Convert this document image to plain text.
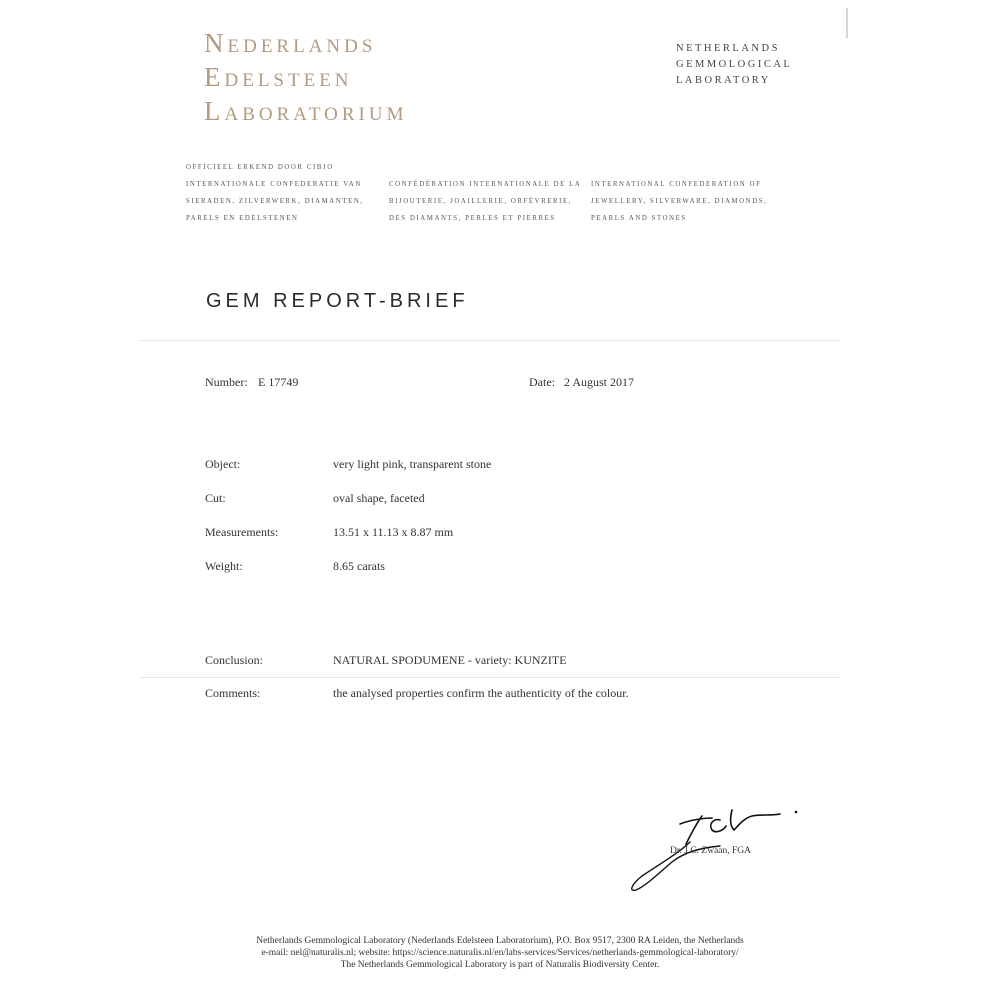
Nederlands
Edelsteen
Laboratorium
NETHERLANDS
GEMMOLOGICAL
LABORATORY
OFFICIEEL ERKEND DOOR CIBJO
INTERNATIONALE CONFEDERATIE VAN
SIERADEN, ZILVERWERK, DIAMANTEN,
PARELS EN EDELSTENEN
CONFÉDÉRATION INTERNATIONALE DE LA
BIJOUTERIE, JOAILLERIE, ORFÈVRERIE,
DES DIAMANTS, PERLES ET PIERRES
INTERNATIONAL CONFEDERATION OF
JEWELLERY, SILVERWARE, DIAMONDS,
PEARLS AND STONES
GEM REPORT-BRIEF
Number: E 17749	Date: 2 August 2017
Object:	very light pink, transparent stone
Cut:	oval shape, faceted
Measurements:	13.51 x 11.13 x 8.87 mm
Weight:	8.65 carats
Conclusion:	NATURAL SPODUMENE - variety: KUNZITE
Comments:	the analysed properties confirm the authenticity of the colour.
Dr. J.C. Zwaan, FGA
Netherlands Gemmological Laboratory (Nederlands Edelsteen Laboratorium), P.O. Box 9517, 2300 RA Leiden, the Netherlands
e-mail: nel@naturalis.nl; website: https://science.naturalis.nl/en/labs-services/Services/netherlands-gemmological-laboratory/
The Netherlands Gemmological Laboratory is part of Naturalis Biodiversity Center.
